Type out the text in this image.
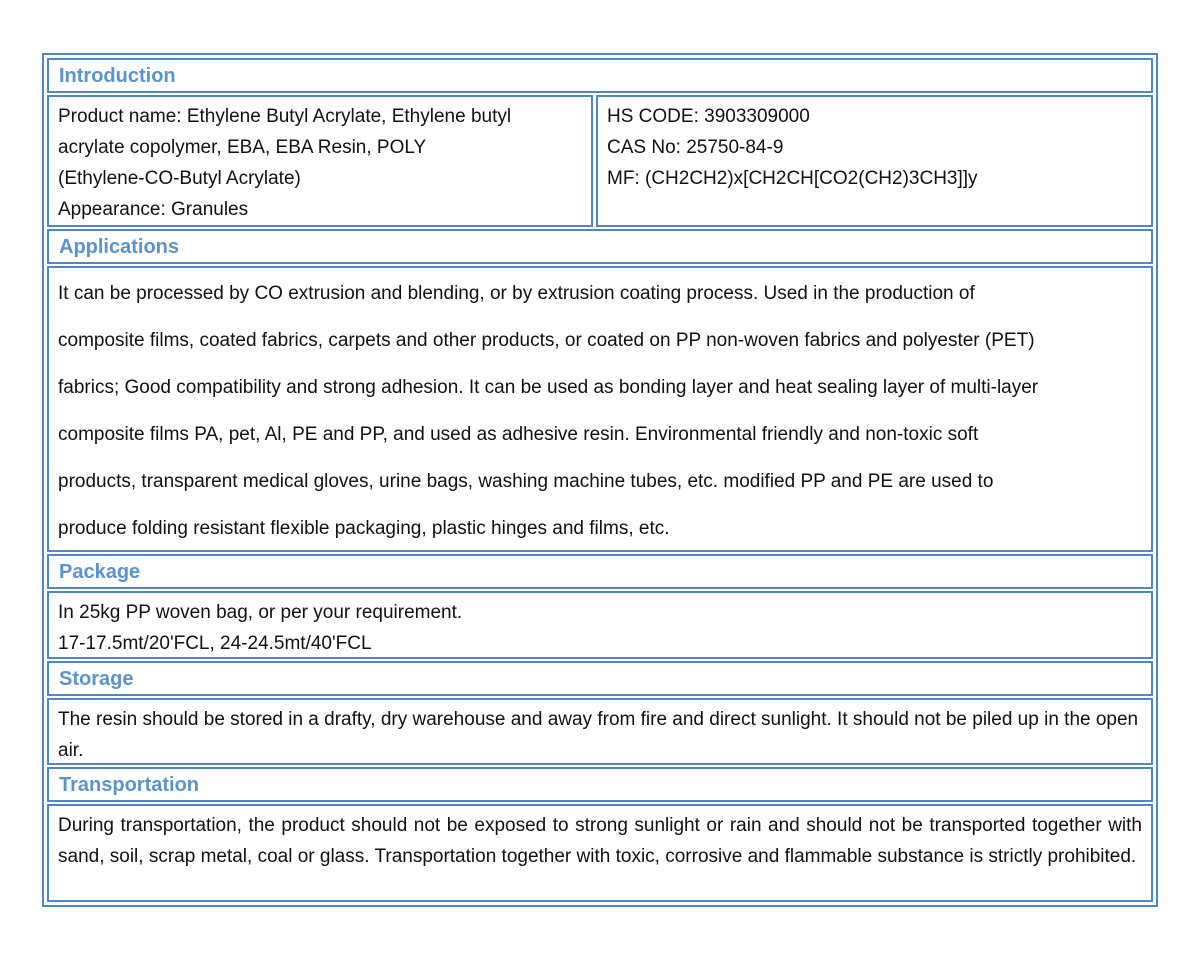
Introduction
Product name: Ethylene Butyl Acrylate, Ethylene butyl
acrylate copolymer, EBA, EBA Resin, POLY
(Ethylene-CO-Butyl Acrylate)
Appearance: Granules
HS CODE: 3903309000
CAS No: 25750-84-9
MF: (CH2CH2)x[CH2CH[CO2(CH2)3CH3]]y
Applications
It can be processed by CO extrusion and blending, or by extrusion coating process. Used in the production of
composite films, coated fabrics, carpets and other products, or coated on PP non-woven fabrics and polyester (PET)
fabrics; Good compatibility and strong adhesion. It can be used as bonding layer and heat sealing layer of multi-layer
composite films PA, pet, Al, PE and PP, and used as adhesive resin. Environmental friendly and non-toxic soft
products, transparent medical gloves, urine bags, washing machine tubes, etc. modified PP and PE are used to
produce folding resistant flexible packaging, plastic hinges and films, etc.
Package
In 25kg PP woven bag, or per your requirement.
17-17.5mt/20'FCL, 24-24.5mt/40'FCL
Storage
The resin should be stored in a drafty, dry warehouse and away from fire and direct sunlight. It should not be piled up in the open air.
Transportation
During transportation, the product should not be exposed to strong sunlight or rain and should not be transported together with sand, soil, scrap metal, coal or glass. Transportation together with toxic, corrosive and flammable substance is strictly prohibited.
